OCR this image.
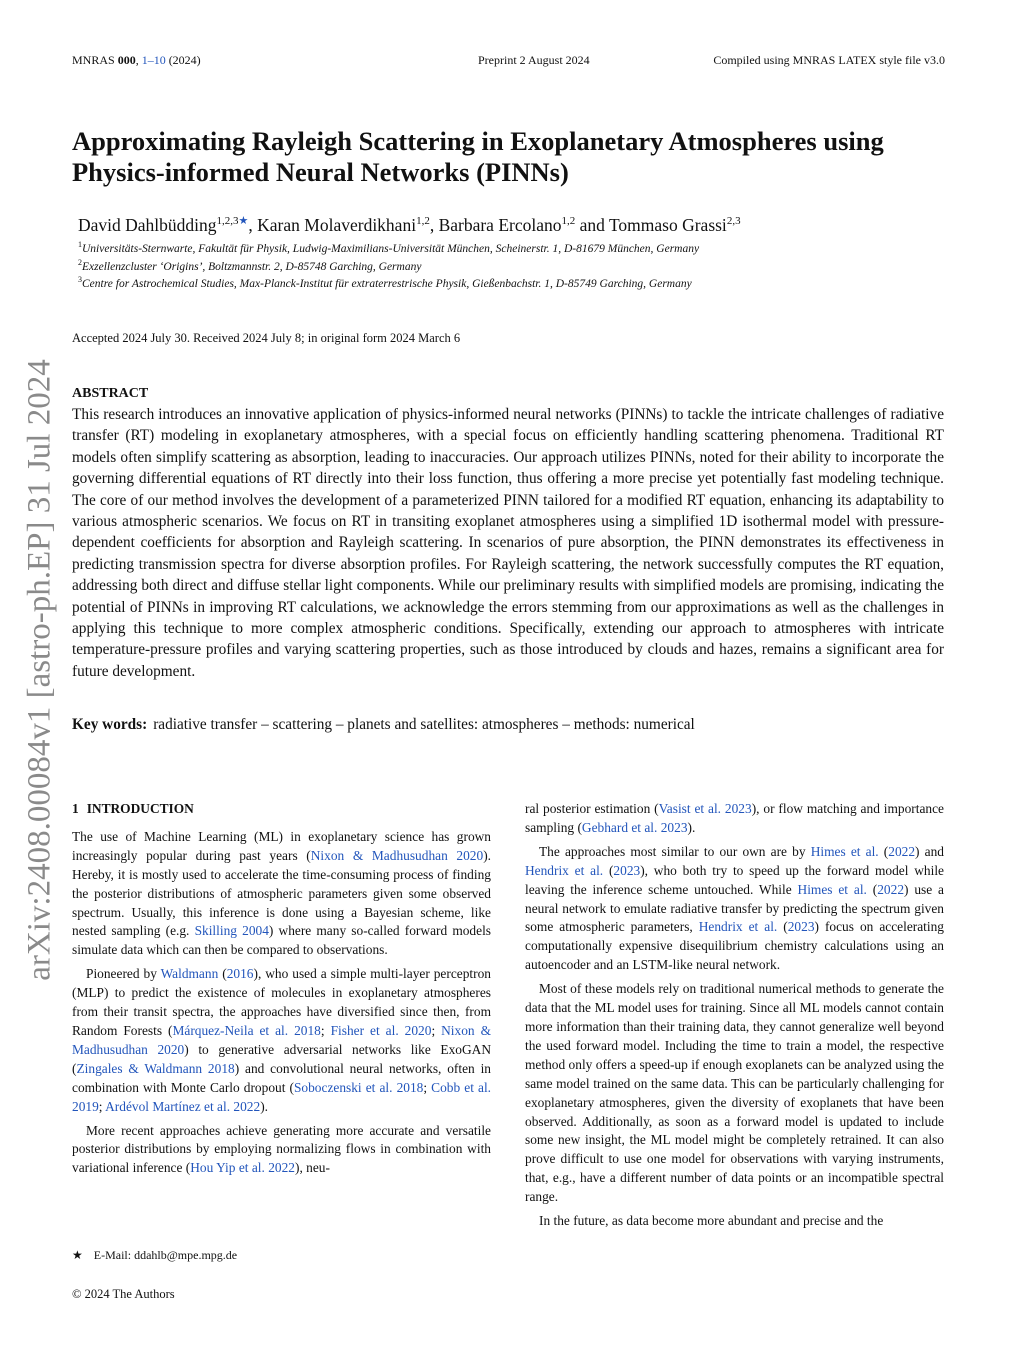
MNRAS 000, 1–10 (2024)	Preprint 2 August 2024	Compiled using MNRAS LATEX style file v3.0
arXiv:2408.00084v1 [astro-ph.EP] 31 Jul 2024
Approximating Rayleigh Scattering in Exoplanetary Atmospheres using Physics-informed Neural Networks (PINNs)
David Dahlbüdding$^{1,2,3★}$, Karan Molaverdikhani$^{1,2}$, Barbara Ercolano$^{1,2}$ and Tommaso Grassi$^{2,3}$
$^1$Universitäts-Sternwarte, Fakultät für Physik, Ludwig-Maximilians-Universität München, Scheinerstr. 1, D-81679 München, Germany
$^2$Exzellenzcluster ‘Origins’, Boltzmannstr. 2, D-85748 Garching, Germany
$^3$Centre for Astrochemical Studies, Max-Planck-Institut für extraterrestrische Physik, Gießenbachstr. 1, D-85749 Garching, Germany
Accepted 2024 July 30. Received 2024 July 8; in original form 2024 March 6
ABSTRACT

This research introduces an innovative application of physics-informed neural networks (PINNs) to tackle the intricate challenges of radiative transfer (RT) modeling in exoplanetary atmospheres, with a special focus on efficiently handling scattering phenomena. Traditional RT models often simplify scattering as absorption, leading to inaccuracies. Our approach utilizes PINNs, noted for their ability to incorporate the governing differential equations of RT directly into their loss function, thus offering a more precise yet potentially fast modeling technique. The core of our method involves the development of a parameterized PINN tailored for a modified RT equation, enhancing its adaptability to various atmospheric scenarios. We focus on RT in transiting exoplanet atmospheres using a simplified 1D isothermal model with pressure-dependent coefficients for absorption and Rayleigh scattering. In scenarios of pure absorption, the PINN demonstrates its effectiveness in predicting transmission spectra for diverse absorption profiles. For Rayleigh scattering, the network successfully computes the RT equation, addressing both direct and diffuse stellar light components. While our preliminary results with simplified models are promising, indicating the potential of PINNs in improving RT calculations, we acknowledge the errors stemming from our approximations as well as the challenges in applying this technique to more complex atmospheric conditions. Specifically, extending our approach to atmospheres with intricate temperature-pressure profiles and varying scattering properties, such as those introduced by clouds and hazes, remains a significant area for future development.

Key words: radiative transfer – scattering – planets and satellites: atmospheres – methods: numerical
1 INTRODUCTION

The use of Machine Learning (ML) in exoplanetary science has grown increasingly popular during past years (Nixon & Madhusudhan 2020). Hereby, it is mostly used to accelerate the time-consuming process of finding the posterior distributions of atmospheric parameters given some observed spectrum. Usually, this inference is done using a Bayesian scheme, like nested sampling (e.g. Skilling 2004) where many so-called forward models simulate data which can then be compared to observations.

Pioneered by Waldmann (2016), who used a simple multi-layer perceptron (MLP) to predict the existence of molecules in exoplanetary atmospheres from their transit spectra, the approaches have diversified since then, from Random Forests (Márquez-Neila et al. 2018; Fisher et al. 2020; Nixon & Madhusudhan 2020) to generative adversarial networks like ExoGAN (Zingales & Waldmann 2018) and convolutional neural networks, often in combination with Monte Carlo dropout (Soboczenski et al. 2018; Cobb et al. 2019; Ardévol Martínez et al. 2022).

More recent approaches achieve generating more accurate and versatile posterior distributions by employing normalizing flows in combination with variational inference (Hou Yip et al. 2022), neu-

ral posterior estimation (Vasist et al. 2023), or flow matching and importance sampling (Gebhard et al. 2023).

The approaches most similar to our own are by Himes et al. (2022) and Hendrix et al. (2023), who both try to speed up the forward model while leaving the inference scheme untouched. While Himes et al. (2022) use a neural network to emulate radiative transfer by predicting the spectrum given some atmospheric parameters, Hendrix et al. (2023) focus on accelerating computationally expensive disequilibrium chemistry calculations using an autoencoder and an LSTM-like neural network.

Most of these models rely on traditional numerical methods to generate the data that the ML model uses for training. Since all ML models cannot contain more information than their training data, they cannot generalize well beyond the used forward model. Including the time to train a model, the respective method only offers a speed-up if enough exoplanets can be analyzed using the same model trained on the same data. This can be particularly challenging for exoplanetary atmospheres, given the diversity of exoplanets that have been observed. Additionally, as soon as a forward model is updated to include some new insight, the ML model might be completely retrained. It can also prove difficult to use one model for observations with varying instruments, that, e.g., have a different number of data points or an incompatible spectral range.

In the future, as data become more abundant and precise and the

★ E-Mail: ddahlb@mpe.mpg.de
© 2024 The Authors
